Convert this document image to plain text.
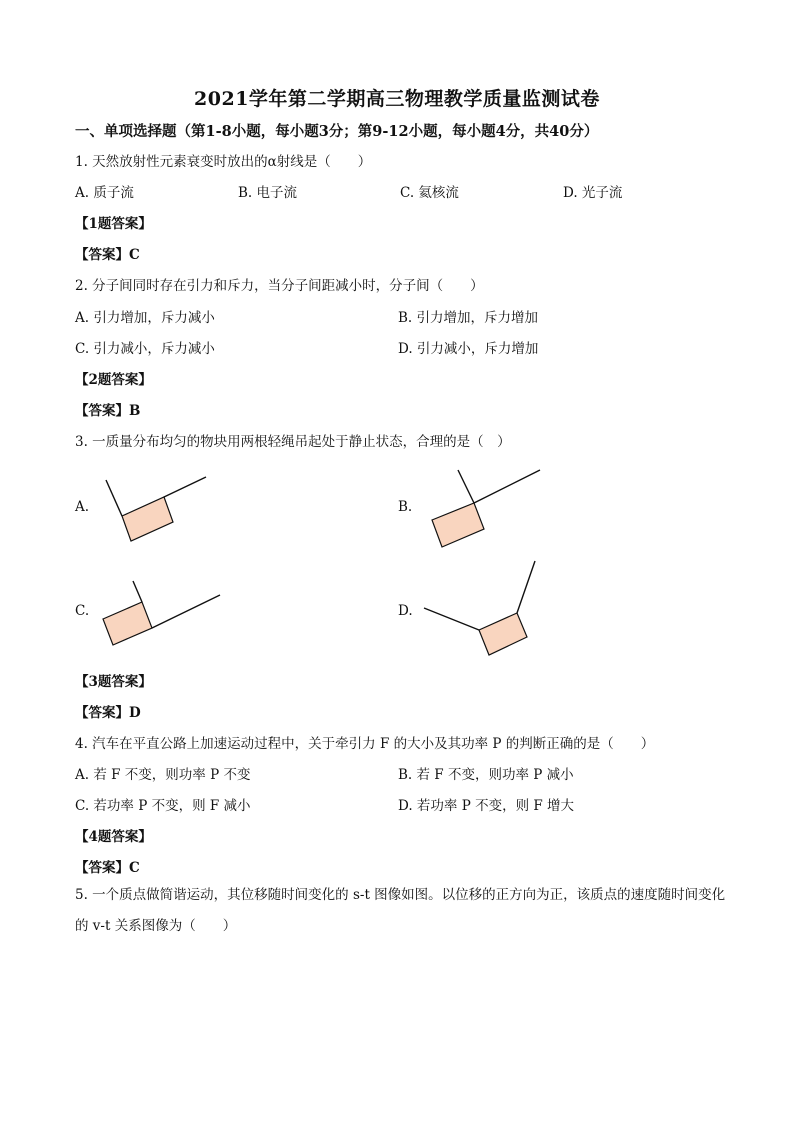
2021学年第二学期高三物理教学质量监测试卷
一、单项选择题（第1-8小题，每小题3分；第9-12小题，每小题4分，共40分）
1. 天然放射性元素衰变时放出的α射线是（　　）
A. 质子流	B. 电子流	C. 氦核流	D. 光子流
【1题答案】
【答案】C
2. 分子间同时存在引力和斥力，当分子间距减小时，分子间（　　）
A. 引力增加，斥力减小	B. 引力增加，斥力增加
C. 引力减小，斥力减小	D. 引力减小，斥力增加
【2题答案】
【答案】B
3. 一质量分布均匀的物块用两根轻绳吊起处于静止状态，合理的是（　）
A.	B.
C.	D.
【3题答案】
【答案】D
4. 汽车在平直公路上加速运动过程中，关于牵引力 F 的大小及其功率 P 的判断正确的是（　　）
A. 若 F 不变，则功率 P 不变	B. 若 F 不变，则功率 P 减小
C. 若功率 P 不变，则 F 减小	D. 若功率 P 不变，则 F 增大
【4题答案】
【答案】C
5. 一个质点做简谐运动，其位移随时间变化的 s-t 图像如图。以位移的正方向为正，该质点的速度随时间变化的 v-t 关系图像为（　　）
